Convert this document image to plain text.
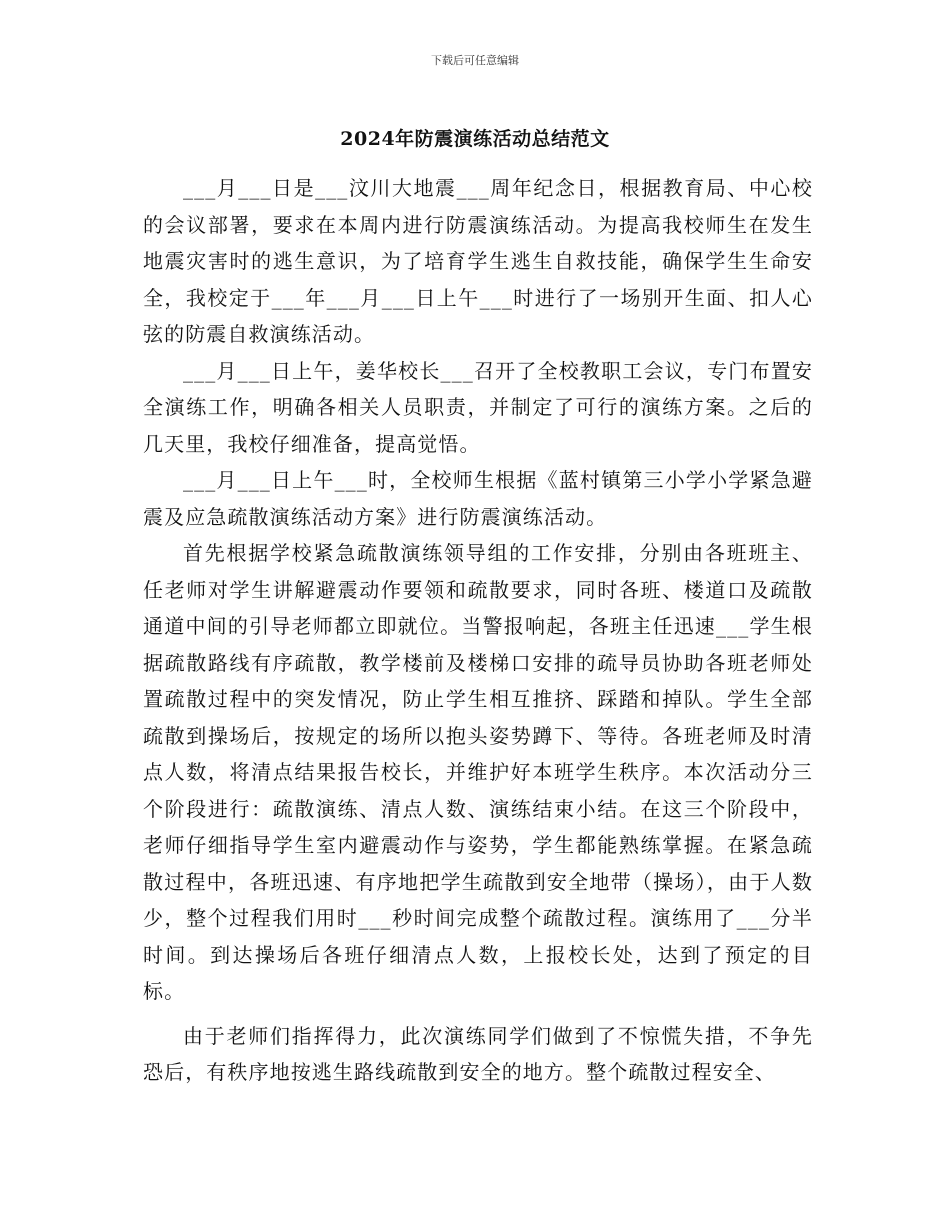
下载后可任意编辑
2024年防震演练活动总结范文

___月___日是___汶川大地震___周年纪念日，根据教育局、中心校的会议部署，要求在本周内进行防震演练活动。为提高我校师生在发生地震灾害时的逃生意识，为了培育学生逃生自救技能，确保学生生命安全，我校定于___年___月___日上午___时进行了一场别开生面、扣人心弦的防震自救演练活动。

___月___日上午，姜华校长___召开了全校教职工会议，专门布置安全演练工作，明确各相关人员职责，并制定了可行的演练方案。之后的几天里，我校仔细准备，提高觉悟。

___月___日上午___时，全校师生根据《蓝村镇第三小学小学紧急避震及应急疏散演练活动方案》进行防震演练活动。

首先根据学校紧急疏散演练领导组的工作安排，分别由各班班主、任老师对学生讲解避震动作要领和疏散要求，同时各班、楼道口及疏散通道中间的引导老师都立即就位。当警报响起，各班主任迅速___学生根据疏散路线有序疏散，教学楼前及楼梯口安排的疏导员协助各班老师处置疏散过程中的突发情况，防止学生相互推挤、踩踏和掉队。学生全部疏散到操场后，按规定的场所以抱头姿势蹲下、等待。各班老师及时清点人数，将清点结果报告校长，并维护好本班学生秩序。本次活动分三个阶段进行：疏散演练、清点人数、演练结束小结。在这三个阶段中，老师仔细指导学生室内避震动作与姿势，学生都能熟练掌握。在紧急疏散过程中，各班迅速、有序地把学生疏散到安全地带（操场），由于人数少，整个过程我们用时___秒时间完成整个疏散过程。演练用了___分半时间。到达操场后各班仔细清点人数，上报校长处，达到了预定的目标。

由于老师们指挥得力，此次演练同学们做到了不惊慌失措，不争先恐后，有秩序地按逃生路线疏散到安全的地方。整个疏散过程安全、
